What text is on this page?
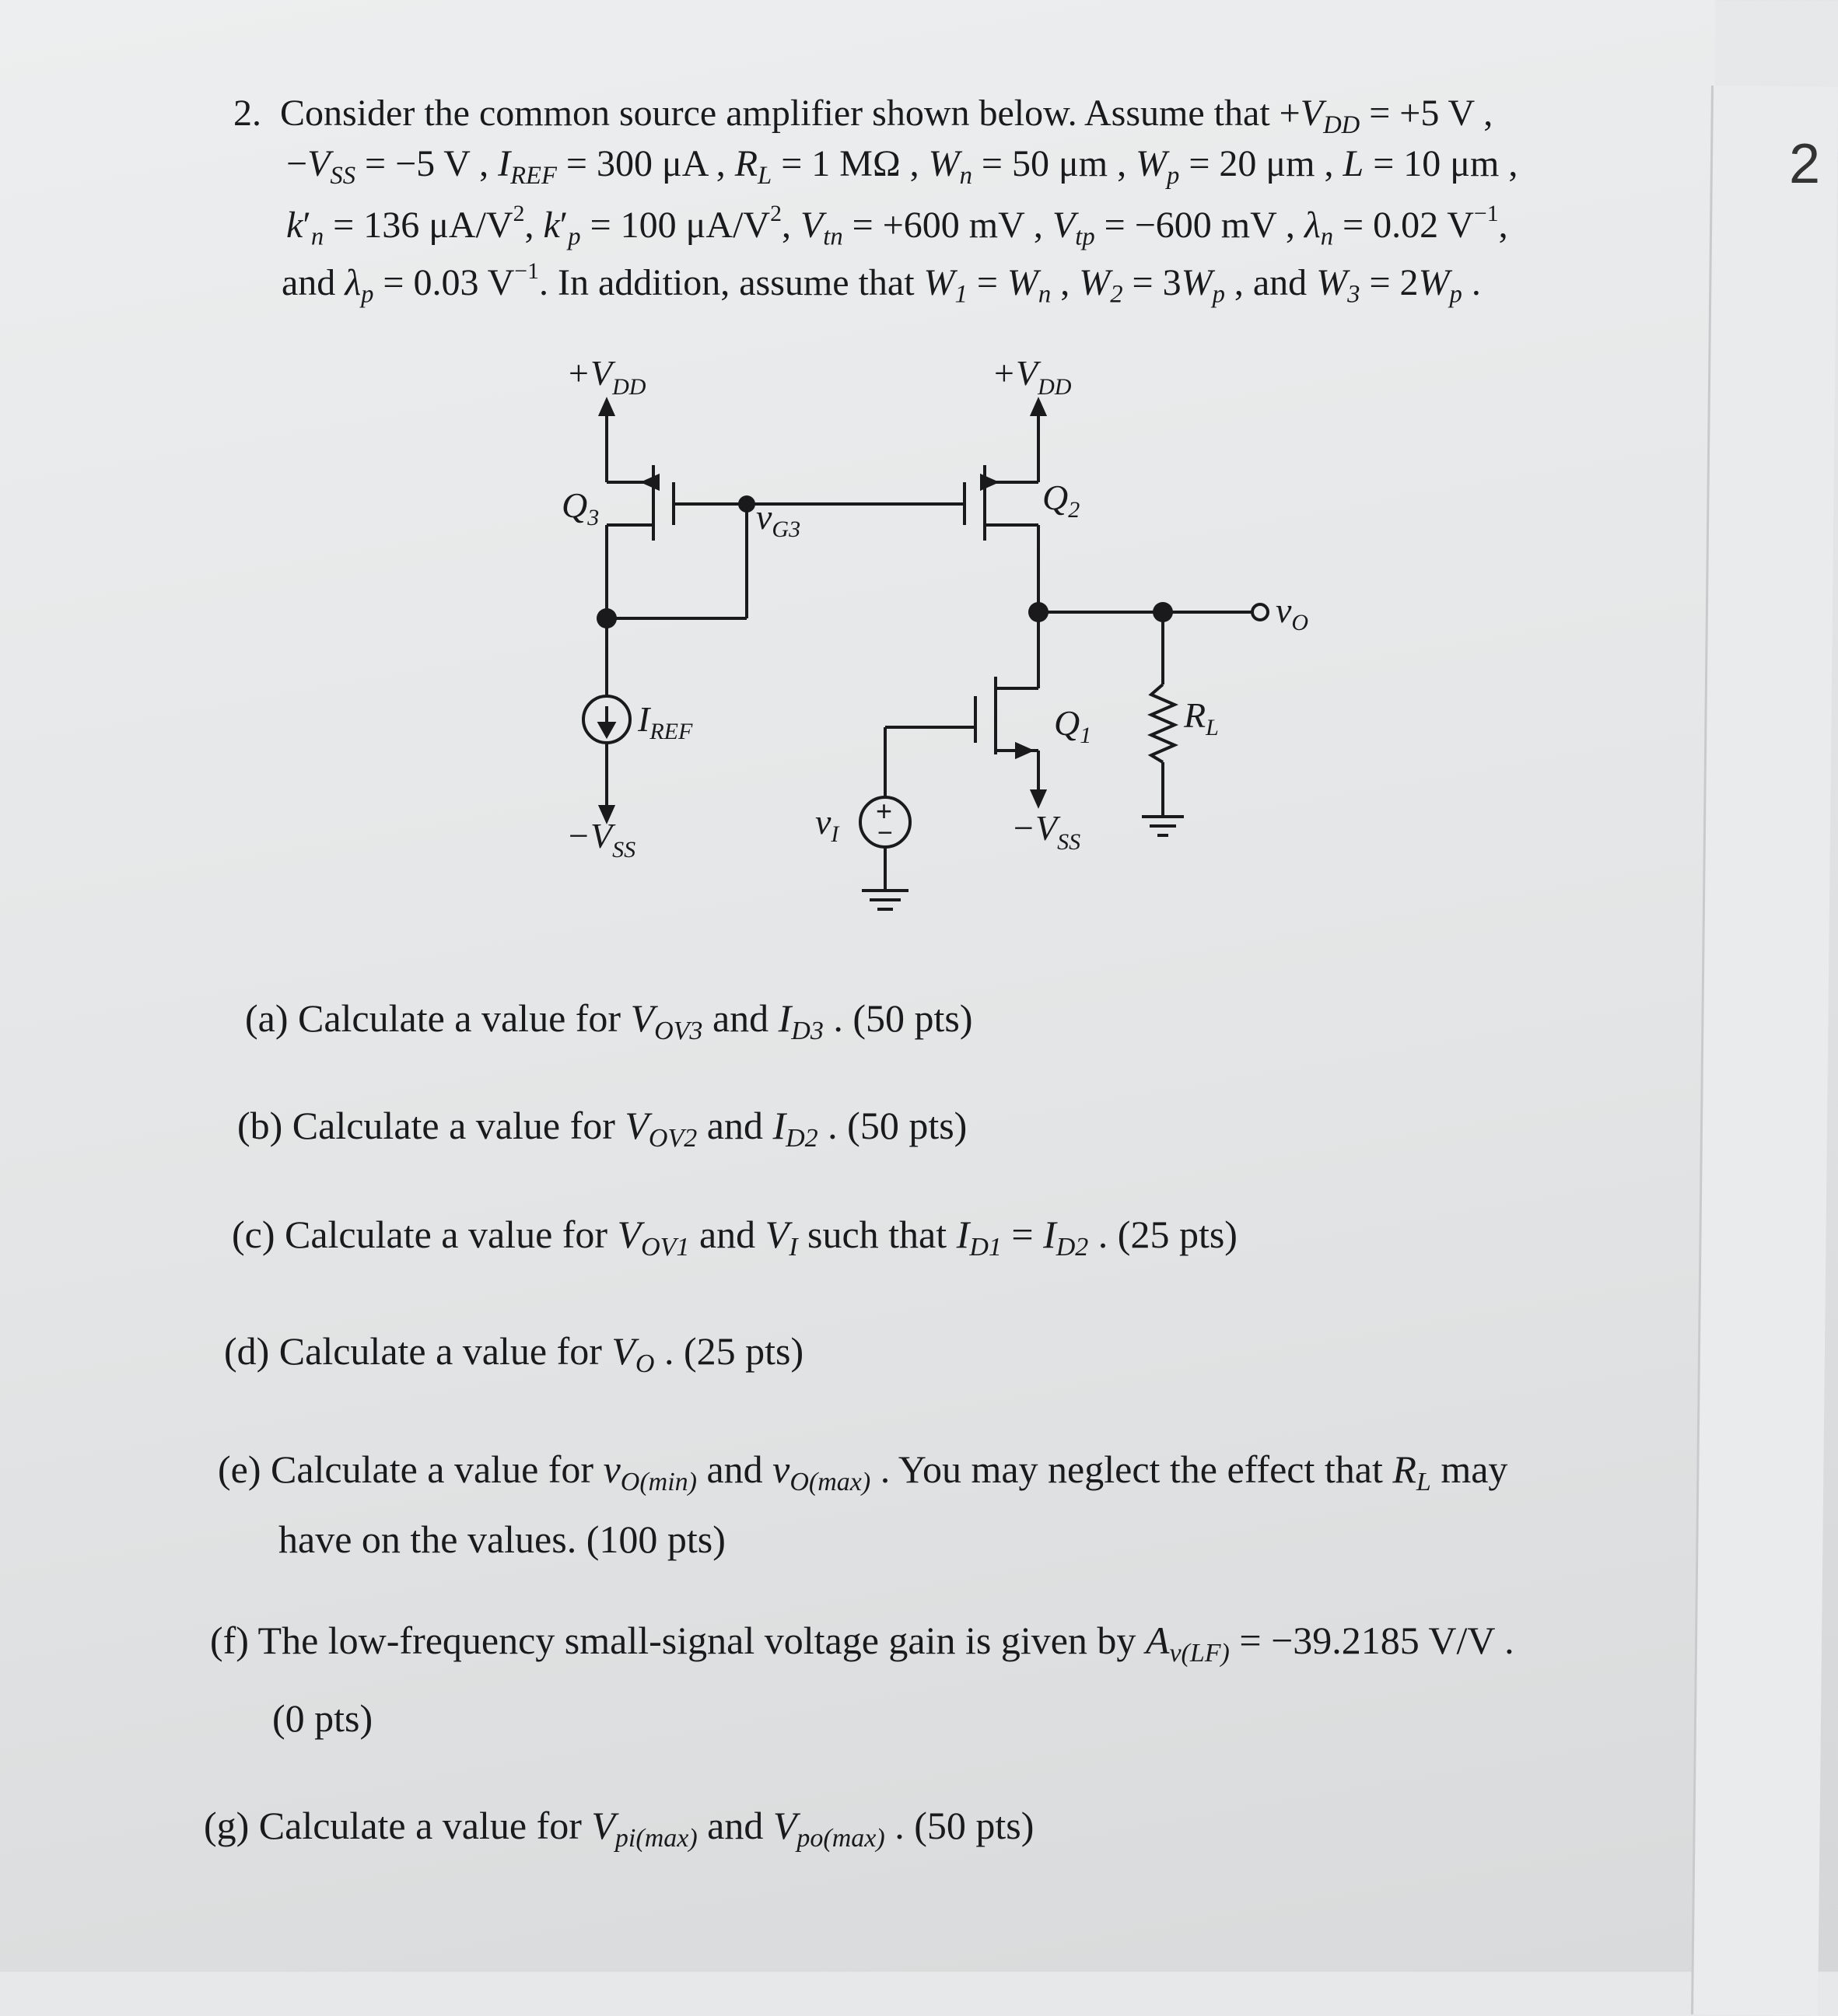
2
2. Consider the common source amplifier shown below. Assume that $+V_{DD} = +5$ V ,
$-V_{SS} = -5$ V , $I_{REF} = 300$ μA , $R_L = 1$ MΩ , $W_n = 50$ μm , $W_p = 20$ μm , L = 10 μm ,
$k'_n = 136$ $\mu A/V^2$, $k'_p = 100$ $\mu A/V^2$, $V_{tn} = +600$ mV , $V_{tp} = -600$ mV , $\lambda_n = 0.02$ $V^{-1}$,
and $\lambda_p = 0.03$ $V^{-1}$. In addition, assume that $W_1 = W_n$ , $W_2 = 3W_p$ , and $W_3 = 2W_p$ .
$+V_{DD}$	$+V_{DD}$
$Q_3$
$Q_2$
$Q_1$
$v_{G3}$
$I_{REF}$
$-V_{SS}$
$-V_{SS}$
$v_I$
$R_L$
$v_O$
+
−
(a) Calculate a value for $V_{OV3}$ and $I_{D3}$ . (50 pts)
(b) Calculate a value for $V_{OV2}$ and $I_{D2}$ . (50 pts)
(c) Calculate a value for $V_{OV1}$ and $V_I$ such that $I_{D1} = I_{D2}$ . (25 pts)
(d) Calculate a value for $V_O$ . (25 pts)
(e) Calculate a value for $v_{O(min)}$ and $v_{O(max)}$ . You may neglect the effect that $R_L$ may
have on the values. (100 pts)
(f) The low-frequency small-signal voltage gain is given by $A_{v(LF)} = -39.2185$ V/V .
(0 pts)
(g) Calculate a value for $V_{pi(max)}$ and $V_{po(max)}$ . (50 pts)
